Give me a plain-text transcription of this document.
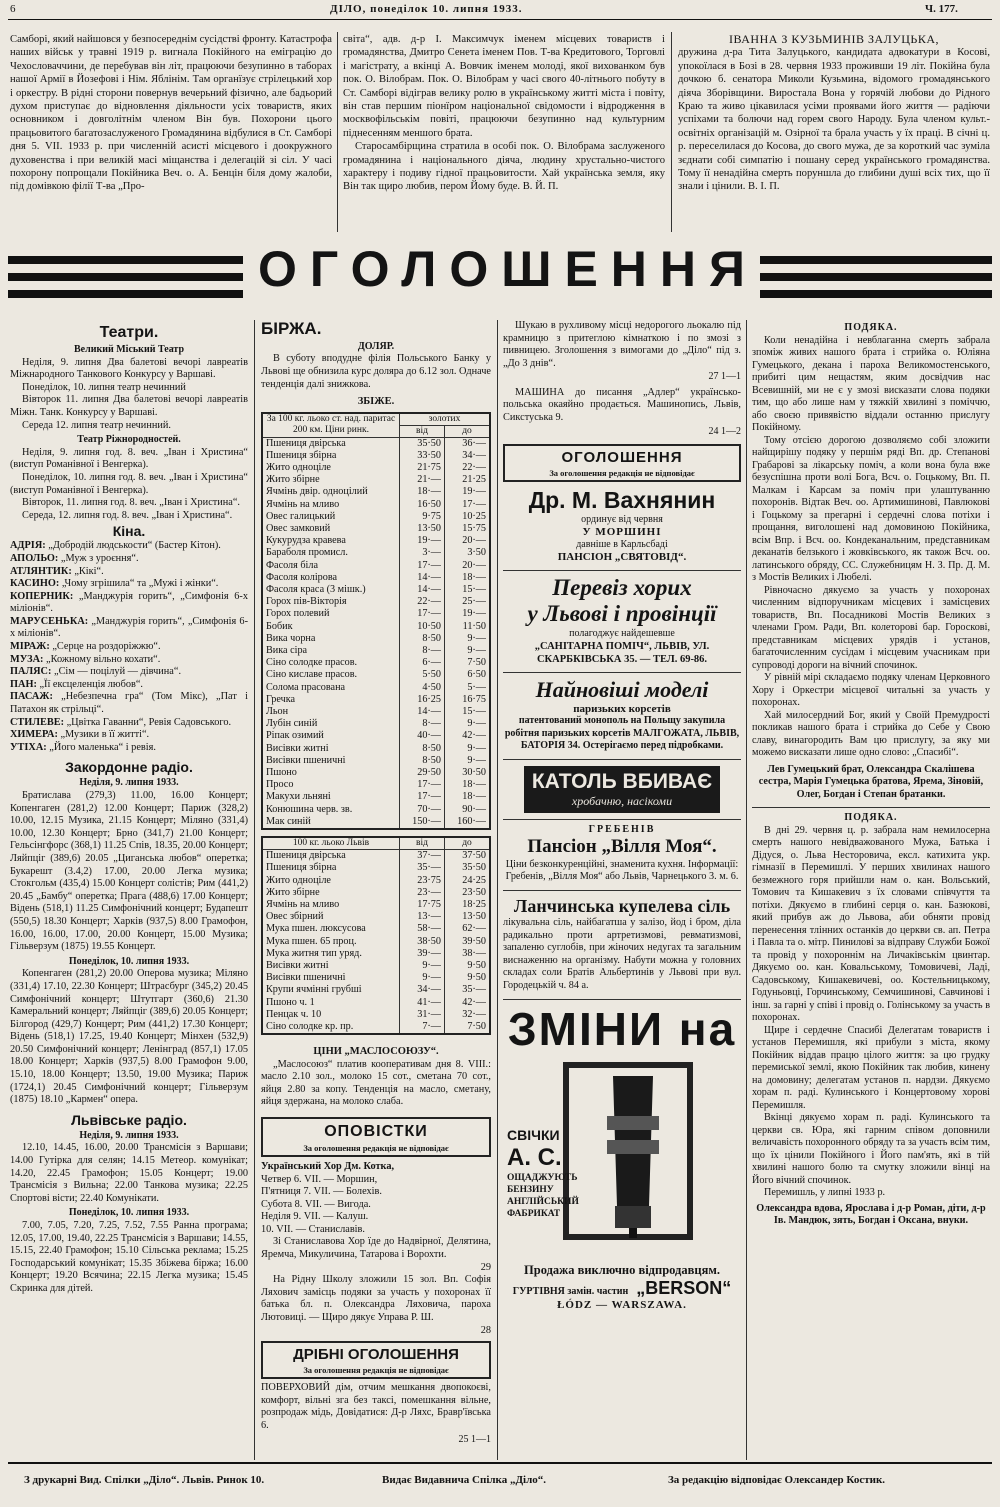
6	ДІЛО, понеділок 10. липня 1933.	Ч. 177.

Самборі, який найшовся у безпосереднім сусідстві фронту. Катастрофа наших військ у травні 1919 р. вигнала Покійного на еміграцію до Чехословаччини, де перебував він літ, працюючи безупинно в таборах нашої Армії в Йозефові і Нім. Яблінім. Там органїзує стрілецький хор і оркестру. В рідні сторони повернув вечерьний фізично, але бадьорий духом приступає до відновлення діяльности усіх товариств, яких основником і довголітнім членом Він був. Похорони цього працьовитого багатозаслуженого Громадянина відбулися в Ст. Самборі дня 5. VII. 1933 р. при численній асисті місцевого і доокружного духовенства і при великій масі міщанства і делегацій зі сіл. У часі похорону попрощали Покійника Веч. о. А. Бенцін біля дому жалоби, під домівкою філії Т-ва „Про-

світа“, адв. д-р І. Максимчук іменем місцевих товариств і громадянства, Дмитро Сенета іменем Пов. Т-ва Кредитового, Торговлі і магістрату, а вкінці А. Вовчик іменем молоді, якої вихованком був пок. О. Вілобрам. Пок. О. Вілобрам у часі свого 40-літнього побуту в Ст. Самборі відіграв велику ролю в українському житті міста і повіту, він став першим піонїром національної свідомости і відродження в москвофільськім повіті, працюючи безупинно над культурним піднесенням меншого брата.

Старосамбірщина стратила в особі пок. О. Вілобрама заслуженого громадянина і національного діяча, людину хрустально-чистого характеру і подиву гідної працьовитости. Хай українська земля, яку Він так щиро любив, пером Йому буде. В. Й. П.

ІВАННА З КУЗЬМИНІВ ЗАЛУЦЬКА,

дружина д-ра Тита Залуцького, кандидата адвокатури в Косові, упокоїлася в Бозі в 28. червня 1933 проживши 19 літ. Покійна була дочкою б. сенатора Миколи Кузьмина, відомого громадянського діяча Зборівщини. Виростала Вона у горячій любови до Рідного Краю та живо цікавилася усіми проявами його життя — радіючи успіхами та болючи над горем свого Народу. Була членом культ.-освітніх організацій м. Озірної та брала участь у їх праці. В січні ц. р. переселилася до Косова, до свого мужа, де за короткий час зуміла зєднати собі симпатію і пошану серед українського громадянства. Тому її ненадійна смерть поруншла до глибини душі всіх тих, що її знали і цінили. В. І. П.

ОГОЛОШЕННЯ

Театри.

Великий Міський Театр

Неділя, 9. липня Два балетові вечорі лавреатів Міжнародного Танкового Конкурсу у Варшаві.

Понеділок, 10. липня театр нечинний

Вівторок 11. липня Два балетові вечорі лавреатів Міжн. Танк. Конкурсу у Варшаві.

Середа 12. липня театр нечинний.

Театр Ріжнородностей.

Неділя, 9. липня год. 8. веч. „Іван і Христина“ (виступ Романівної і Венгерка).

Понеділок, 10. липня год. 8. веч. „Іван і Христина“ (виступ Романівної і Венгерка).

Вівторок, 11. липня год. 8. веч. „Іван і Христина“.

Середа, 12. липня год. 8. веч. „Іван і Христина“.

Кіна.

АДРІЯ: „Добродій людськости“ (Бастер Кітон).

АПОЛЬО: „Муж з уроєння“.

АТЛЯНТИК: „Кікі“.

КАСИНО: „Чому згрішила“ та „Мужі і жінки“.

КОПЕРНИК: „Манджурія горить“, „Симфонія 6-х міліонів“.

МАРУСЕНЬКА: „Манджурія горить“, „Симфонія 6-х міліонів“.

МІРАЖ: „Серце на роздоріжжю“.

МУЗА: „Кожному вільно кохати“.

ПАЛЯС: „Сім — поцілуй — дівчина“.

ПАН: „Її ексцеленція любов“.

ПАСАЖ: „Небезпечна гра“ (Том Мікс), „Пат і Патахон як стрільці“.

СТИЛЕВЕ: „Цвітка Гаванни“, Ревія Садовського.

ХИМЕРА: „Музики в її житті“.

УТІХА: „Його маленька“ і ревія.

Закордонне радіо.

Неділя, 9. липня 1933.

Братислава (279,3) 11.00, 16.00 Концерт; Копенгаген (281,2) 12.00 Концерт; Париж (328,2) 10.00, 12.15 Музика, 21.15 Концерт; Міляно (331,4) 10.00, 12.30 Концерт; Брно (341,7) 21.00 Концерт; Гельсінгфорс (368,1) 11.25 Спів, 18.35, 20.00 Концерт; Ляйпціг (389,6) 20.05 „Циганська любов“ оперетка; Букарешт (3.4,2) 17.00, 20.00 Легка музика; Стокгольм (435,4) 15.00 Концерт солістів; Рим (441,2) 20.45 „Бамбу“ оперетка; Прага (488,6) 17.00 Концерт; Відень (518,1) 11.25 Симфонічний концерт; Будапешт (550,5) 18.30 Концерт; Харків (937,5) 8.00 Грамофон, 16.00, 16.00, 17.00, 20.00 Концерт, 15.00 Музика; Гільверзум (1875) 19.55 Концерт.

Понеділок, 10. липня 1933.

Копенгаген (281,2) 20.00 Оперова музика; Міляно (331,4) 17.10, 22.30 Концерт; Штрасбург (345,2) 20.45 Симфонічний концерт; Штутгарт (360,6) 21.30 Камеральний концерт; Ляйпціг (389,6) 20.05 Концерт; Білгород (429,7) Концерт; Рим (441,2) 17.30 Концерт; Відень (518,1) 17.25, 19.40 Концерт; Мінхен (532,9) 20.50 Симфонічний концерт; Ленінград (857,1) 17.05 18.00 Концерт; Харків (937,5) 8.00 Грамофон 9.00, 15.10, 18.00 Концерт; 13.50, 19.00 Музика; Париж (1724,1) 20.45 Симфонічний концерт; Гільверзум (1875) 18.10 „Кармен“ опера.

Львівське радіо.

Неділя, 9. липня 1933.

12.10, 14.45, 16.00, 20.00 Трансмісія з Варшави; 14.00 Гутірка для селян; 14.15 Метеор. комунікат; 14.20, 22.45 Грамофон; 15.05 Концерт; 19.00 Трансмісія з Вильна; 22.00 Танкова музика; 22.25 Спортові вісти; 22.40 Комунікати.

Понеділок, 10. липня 1933.

7.00, 7.05, 7.20, 7.25, 7.52, 7.55 Ранна програма; 12.05, 17.00, 19.40, 22.25 Трансмісія з Варшави; 14.55, 15.15, 22.40 Грамофон; 15.10 Сільська реклама; 15.25 Господарський комунікат; 15.35 Збіжева біржа; 16.00 Концерт; 19.20 Всячина; 22.15 Легка музика; 15.45 Скринка для дітей.

БІРЖА.

ДОЛЯР.

В суботу вподудне філія Польського Банку у Львові ще обнизила курс доляра до 6.12 зол. Одначе тенденція далі знижкова.

ЗБІЖЕ.

За 100 кг. льоко ст. над. паритас 200 км. Ціни ринк.	золотих	
	від	до
Пшениця двірська	35·50	36·—
Пшениця збірна	33·50	34·—
Жито одноціле	21·75	22·—
Жито збірне	21·—	21·25
Ячмінь двір. одноцілий	18·—	19·—
Ячмінь на мливо	16·50	17·—
Овес галицький	9·75	10·25
Овес замковий	13·50	15·75
Кукурудза кравева	19·—	20·—
Бараболя промисл.	3·—	3·50
Фасоля біла	17·—	20·—
Фасоля колірова	14·—	18·—
Фасоля краса (3 мішк.)	14·—	15·—
Горох пів-Вікторія	22·—	25·—
Горох полевий	17·—	19·—
Бобик	10·50	11·50
Вика чорна	8·50	9·—
Вика сіра	8·—	9·—
Сіно солодке прасов.	6·—	7·50
Сіно киславе прасов.	5·50	6·50
Солома прасована	4·50	5·—
Гречка	16·25	16·75
Льон	14·—	15·—
Лубін синій	8·—	9·—
Ріпак озимий	40·—	42·—
Висівки житні	8·50	9·—
Висівки пшеничні	8·50	9·—
Пшоно	29·50	30·50
Просо	17·—	18·—
Макухи льняні	17·—	18·—
Конюшина черв. зв.	70·—	90·—
Мак синій	150·—	160·—
100 кг. льоко Львів	від	до
Пшениця двірська	37·—	37·50
Пшениця збірна	35·—	35·50
Жито одноціле	23·75	24·25
Жито збірне	23·—	23·50
Ячмінь на мливо	17·75	18·25
Овес збірний	13·—	13·50
Мука пшен. люксусова	58·—	62·—
Мука пшен. 65 проц.	38·50	39·50
Мука житня тип уряд.	39·—	38·—
Висівки житні	9·—	9·50
Висівки пшеничні	9·—	9·50
Крупи ячмінні грубші	34·—	35·—
Пшоно ч. 1	41·—	42·—
Пенцак ч. 10	31·—	32·—
Сіно солодке кр. пр.	7·—	7·50

ЦІНИ „МАСЛОСОЮЗУ“.

„Маслосоюз“ платив кооперативам дня 8. VIII.: масло 2.10 зол., молоко 15 сот., сметана 70 сот., яйця 2.80 за копу. Тенденція на масло, сметану, яйця здержана, на молоко слаба.

ОПОВІСТКИ

За оголошення редакція не відповідає

Український Хор Дм. Котка,

Четвер 6. VII. — Моршин,

П'ятниця 7. VII. — Болехів.

Субота 8. VII. — Вигода.

Неділя 9. VII. — Калуш.

10. VII. — Станиславів.

Зі Станиславова Хор їде до Надвірної, Делятина, Яремча, Микуличина, Татарова і Ворохти.

29

На Рідну Школу зложили 15 зол. Вп. Софія Ляхович замісць подяки за участь у похоронах її батька бл. п. Олександра Ляховича, пароха Лютовиці. — Щиро дякує Управа Р. Ш.

28

ДРІБНІ ОГОЛОШЕННЯ

За оголошення редакція не відповідає

ПОВЕРХОВИЙ дім, отчим мешкання двопокоєві, комфорт, вільні зга без таксі, помешкання вільне, розпродаж мідь, Довідатися: Д-р Ляхс, Бравр'ївська 6.

25 1—1

Шукаю в рухливому місці недорогого льокалю під крамницю з притеглою кімнаткою і по змозі з пивницею. Зголошення з вимогами до „Діло“ під з. „До 3 днів“.

27 1—1

МАШИНА до писання „Адлер“ українсько-польська окаяйно продається. Машинопись, Львів, Сикстуська 9.

24 1—2

ОГОЛОШЕННЯ

За оголошення редакція не відповідає

Др. М. Вахнянин

ординує від червня

У МОРШИНІ

давніше в Карльсбаді

ПАНСІОН „СВЯТОВІД“.

Перевіз хорих

у Львові і провінції

полагоджує найдешевше

„САНІТАРНА ПОМІЧ“, ЛЬВІВ, УЛ. СКАРБКІВСЬКА 35. — ТЕЛ. 69-86.

Найновіші моделі

паризьких корсетів

патентований монополь на Польщу закупила робітня паризьких корсетів МАЛГОЖАТА, ЛЬВІВ, БАТОРІЯ 34. Остерігаємо перед підробками.

КАТОЛЬ ВБИВАЄ

хробачню, насікоми

ГРЕБЕНІВ

Пансіон „Вілля Моя“.

Ціни безконкуренційні, знаменита кухня. Інформації: Гребенів, „Вілля Моя“ або Львів, Чарнецького 3. м. 6.

Ланчинська купелева сіль

лікувальна сіль, найбагатша у залізо, йод і бром, діла радикально проти артретизмові, ревматизмові, запаленю суглобів, при жіночих недугах та загальним виснаженню на організму. Набути можна у головних складах соли Братів Альбертинів у Львові при вул. Городецькій ч. 84 а.

ЗМІНИ на

СВІЧКИ

А. С.

ОЩАДЖУЮТЬ БЕНЗИНУ АНГЛІЙСЬКИЙ ФАБРИКАТ

Продажа виключно відпродавцям.

ГУРТІВНЯ замін. частин „BERSON“

ŁÓDZ — WARSZAWA.

ПОДЯКА.

Коли ненадійна і невблаганна смерть забрала зпоміж живих нашого брата і стрийка о. Юліяна Гумецького, декана і пароха Великомостенського, прибиті цим нещастям, яким досвідчив нас Всевишній, ми не є у змозі висказати слова подяки тим, що або лише нам у тяжкій хвилині з поміччю, або своєю привявістю віддали останню прислугу Покійному.

Тому отсією дорогою дозволяємо собі зложити найщирішу подяку у першім ряді Вп. др. Степанові Грабарові за лікарську поміч, а коли вона була вже безуспішна проти волі Бога, Всч. о. Гоцькому, Вп. П. Малкам і Карсам за поміч при улаштуванню похоронів. Відтак Веч. оо. Артимишинові, Павлюкові і Гоцькому за прегарні і сердечні слова потіхи і прощання, виголошені над домовиною Покійника, всім Впр. і Всч. оо. Кондеканальним, представникам деканатів белзького і жовківського, як також Всч. оо. латинського обряду, СС. Служебницям Н. З. Пр. Д. М. з Мостів Великих і Любелі.

Рівночасно дякуємо за участь у похоронах численним відпоручникам місцевих і замісцевих товариств, Вп. Посадникові Мостів Великих з членами Гром. Ради, Вп. колеторові бар. Гороскові, представникам місцевих урядів і установ, багаточисленним сусідам і місцевим учасникам при супроводі дороги на вічний спочинок.

У рівній мірі складаємо подяку членам Церковного Хору і Оркестри місцевої читальні за участь у похоронах.

Хай милосердний Бог, який у Своїй Премудрості покликав нашого брата і стрийка до Себе у Свою славу, винагородить Вам цю прислугу, за яку ми можемо висказати лише одно слово: „Спасибі“.

Лев Гумецький брат, Олександра Скалішева сестра, Марія Гумецька братова, Ярема, Зіновій, Олег, Богдан і Степан братанки.

ПОДЯКА.

В дні 29. червня ц. р. забрала нам немилосерна смерть нашого невідважованого Мужа, Батька і Дідуся, о. Льва Несторовича, ексл. катихита укр. гімназії в Перемишлі. У перших хвилинах нашого безмежного горя прийшли нам о. кан. Вольський, Томович та Кишакевич з їх словами співчуття та потіхи. Дякуємо в глибині серця о. кан. Базюкові, який прибув аж до Львова, аби обняти провід перенесення тлінних останків до церкви св. ап. Петра і Павла та о. мітр. Пинилові за відправу Служби Божої та провід у похороннім на Личаківськім цвинтар. Дякуємо оо. кан. Ковальському, Томовичеві, Ладі, Садовському, Кишакевичеві, оо. Костельницькому, Годуньовці, Горчинському, Семчишинові, Савчинові і інш. за гарні у співі і провід о. Голінському за участь в похоронах.

Щире і сердечне Спасибі Делегатам товариств і установ Перемишля, які прибули з міста, якому Покійник віддав працю цілого життя: за цю грудку перемиської землі, якою Покійник так любив, кинену на домовину; делегатам установ п. нардзи. Дякуємо хорам п. раді. Кулинського і Концертовому хорові Перемишля.

Вкінці дякуємо хорам п. раді. Кулинського та церкви св. Юра, які гарним співом доповнили величавість похоронного обряду та за участь всім тим, що їх цінили Покійного і Його пам'ять, які в тій хвилині нашого болю та смутку зложили вінці на Його вічний спочинок.

Перемишль, у липні 1933 р.

Олександра вдова, Ярослава і д-р Роман, діти, д-р Ів. Мандюк, зять, Богдан і Оксана, внуки.

З друкарні Вид. Спілки „Діло“. Львів. Ринок 10.	Видає Видавнича Спілка „Діло“.	За редакцію відповідає Олександер Костик.
